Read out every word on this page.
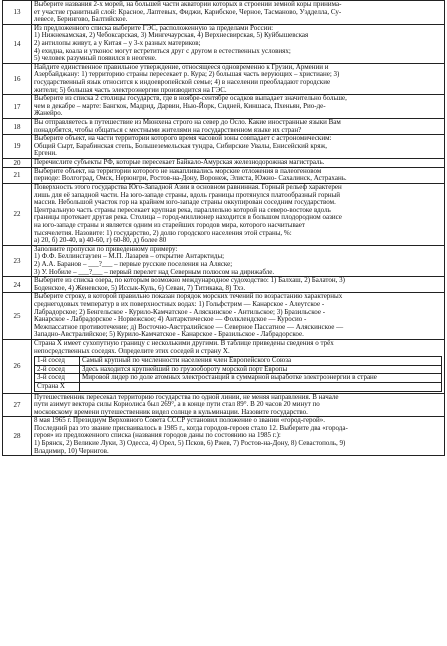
13	
Выберите названия 2-х морей, на большей части акватории которых в строении земной коры принима-
ет участие гранитный слой: Красное, Лаптевых, Фиджи, Карибское, Черное, Тасманово, Уэдделла, Су-
левесе, Берингово, Балтийское.

14	
Из предложенного списка выберите ГЭС, расположенную за пределами России:
1) Нижнекамская, 2) Чебоксарская, 3) Мингечаурская, 4) Верхнесвирская, 5) Куйбышевская
2) антилопы живут, а у Китая – у 3-х разных материков;
4) ехидна, коала и утконос могут встретиться друг с другом в естественных условиях;
5) человек разумный появился в неогене.

16	
Найдите единственное правильное утверждение, относящееся одновременно к Грузии, Армении и
Азербайджану: 1) территорию страны пересекает р. Кура; 2) большая часть верующих – христиане; 3)
государственный язык относится к индоевропейской семье; 4) в населении преобладают городские
жители; 5) большая часть электроэнергии производится на ГЭС.

17	
Выберите из списка 2 столицы государств, где в ноябре-сентябре осадков выпадает значительно больше,
чем в декабре – марте: Бангкок, Мадрид, Дарвин, Нью-Йорк, Сидней, Киншаса, Пхеньян, Рио-де-
Жанейро.

18	
Вы отправляетесь в путешествие из Мюнхена строго на север до Осло. Какие иностранные языки Вам
понадобятся, чтобы общаться с местными жителями на государственном языке их стран?

19	
Выберите объект, на части территории которого время часовой зоны совпадает с астрономическим:
Общий Сырт, Барабинская степь, Большеземельская тундра, Сибирские Увалы, Енисейский кряж,
Ергени.

20	Перечислите субъекты РФ, которые пересекает Байкало-Амурская железнодорожная магистраль.

21	
Выберите объект, на территории которого не накапливались морские отложения в палеогеновом
периоде: Волгоград, Омск, Нерюнгри, Ростов-на-Дону, Воронеж, Элиста, Южно- Сахалинск, Астрахань.

22	
Поверхность этого государства Юго-Западной Азии в основном равнинная. Горный рельеф характерен
лишь для её западной части. На юго-западе страны, вдоль границы протянулся платообразный горный
массив. Небольшой участок гор на крайнем юго-западе страны оккупирован соседним государством.
Центральную часть страны пересекает крупная река, параллельно которой на северо-востоке вдоль
границы протекает другая река. Столица – город-миллионер находится в большом плодородном оазисе
на юго-западе страны и является одним из старейших городов мира, которого насчитывает
тысячелетия. Назовите: 1) государство, 2) долю городского населения этой страны, %:
а) 20, б) 20-40, в) 40-60, г) 60-80, д) более 80

23	
Заполните пропуски по приведенному примеру:
1) Ф.Ф. Беллинсгаузен – М.П. Лазарев – открытие Антарктиды;
2) А.А. Баранов – ___?___ – первые русские поселения на Аляске;
3) У. Нобиле – ___?___ – первый перелет над Северным полюсом на дирижабле.

24	
Выберите из списка озера, по которым возможно международное судоходство: 1) Балхаш, 2) Балатон, 3)
Боденское, 4) Женевское, 5) Иссык-Куль, 6) Севан, 7) Титикака, 8) Тхэ.

25	
Выберите строку, в которой правильно показан порядок морских течений по возрастанию характерных
среднегодовых температур в их поверхностных водах: 1) Гольфстрим — Канарское - Алеутское -
Лабрадорское; 2) Бенгельское - Курило-Камчатское - Аляскинское - Антильское; 3) Бразильское -
Канарское - Лабрадорское - Норвежское; 4) Антарктическое — Фолклендское — Куросио -
Межпассатное противотечение; д) Восточно-Австралийское — Северное Пассатное — Аляскинское —
Западно-Австралийское; 5) Курило-Камчатское - Канарское - Бразильское - Лабрадорское.

26	
Страна Х имеет сухопутную границу с несколькими другими. В таблице приведены сведения о трёх
непосредственных соседях. Определите этих соседей и страну Х.
1-й сосед	Самый крупный по численности населения член Европейского Союза
2-й сосед	Здесь находится крупнейший по грузообороту морской порт Европы
3-й сосед	Мировой лидер по доле атомных электростанций в суммарной выработке электроэнергии в стране
Страна Х	

27	
Путешественник пересекал территорию государства по одной линии, не меняя направления. В начале
пути азимут вектора силы Кориолиса был 269°, а в конце пути стал 89°. В 20 часов 20 минут по
московскому времени путешественник видел солнце в кульминации. Назовите государство.

28	
8 мая 1965 г. Президиум Верховного Совета СССР установил положение о звании «город-герой».
Последний раз это звание присваивалось в 1985 г., когда городов-героев стало 12. Выберите два «города-
героя» из предложенного списка (названия городов даны по состоянию на 1985 г.):
1) Брянск, 2) Великие Луки, 3) Одесса, 4) Орел, 5) Псков, 6) Ржев, 7) Ростов-на-Дону, 8) Севастополь, 9)
Владимир, 10) Чернигов.
